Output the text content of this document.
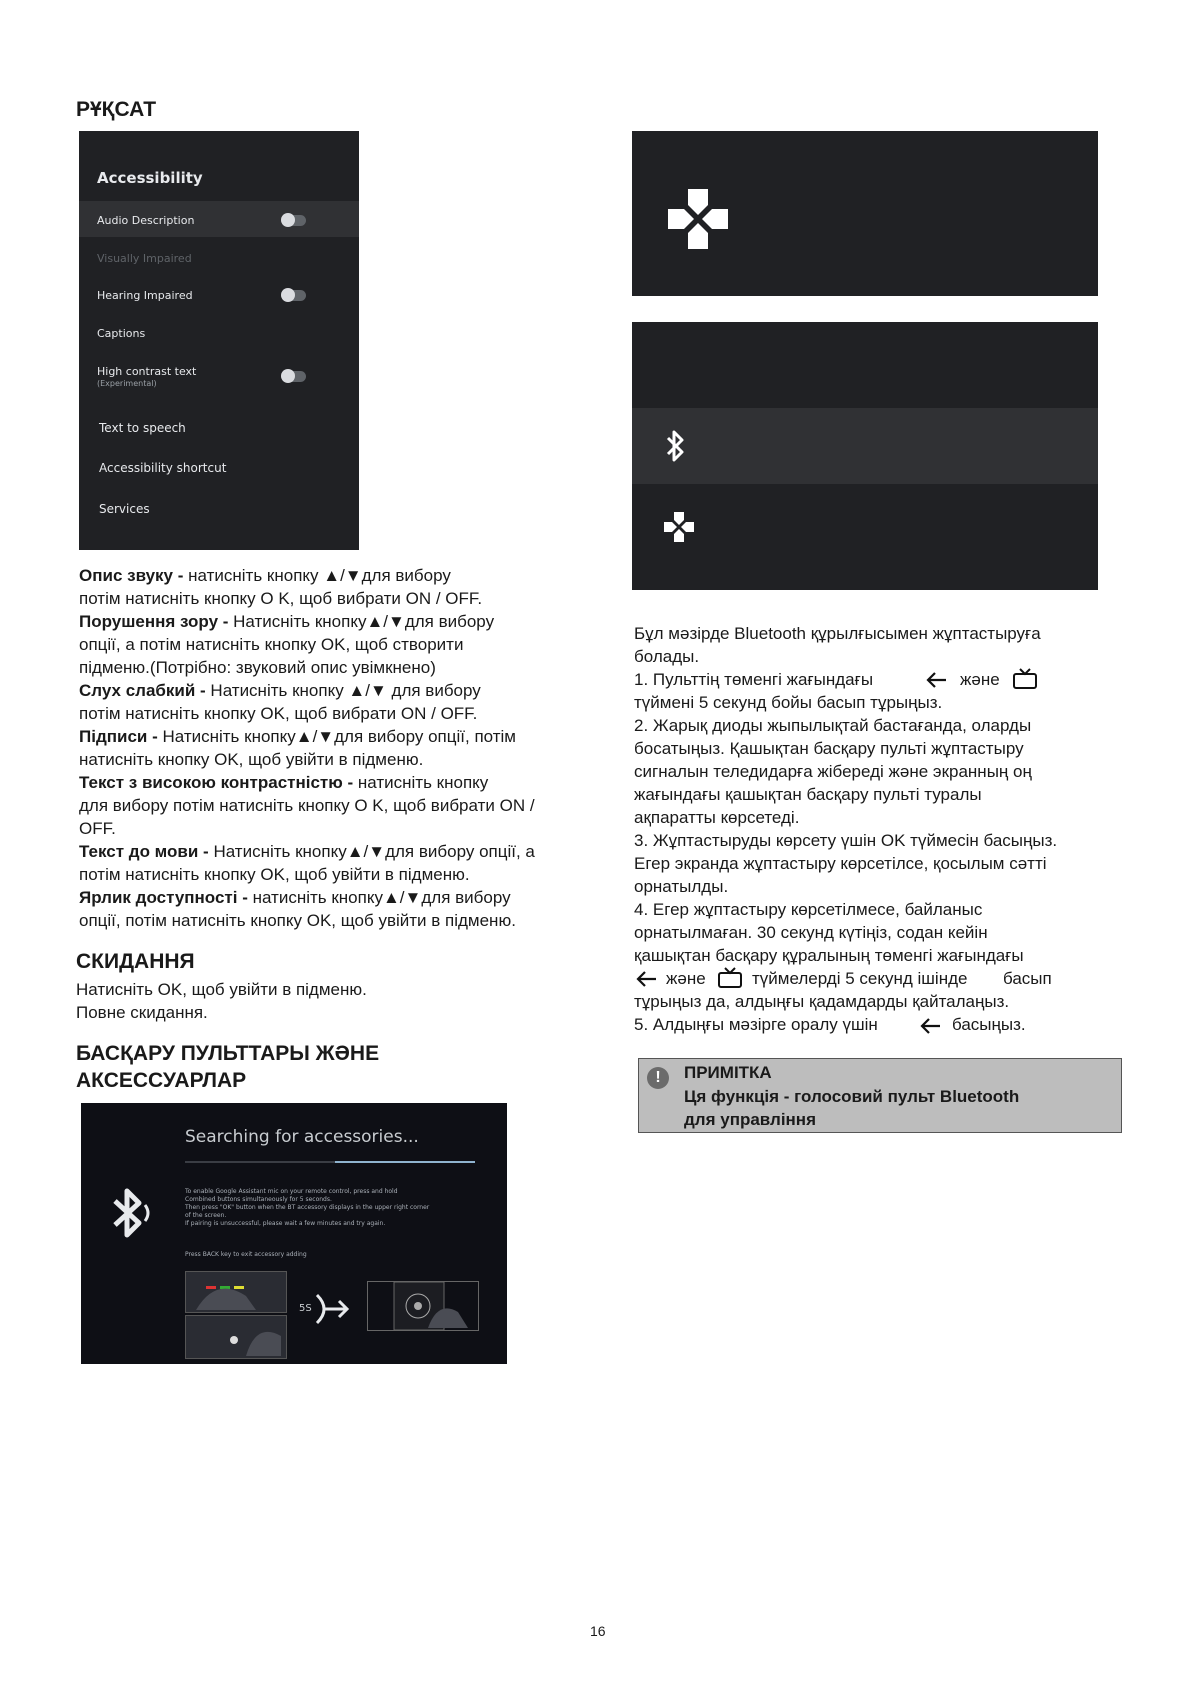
РҰҚСАТ
Accessibility
Audio Description
Visually Impaired
Hearing Impaired
Captions
High contrast text
(Experimental)
Text to speech
Accessibility shortcut
Services
Опис звуку - натисніть кнопку ▲/▼для вибору
потім натисніть кнопку O K, щоб вибрати ON / OFF.
Порушення зору - Натисніть кнопку▲/▼для вибору
опції, а потім натисніть кнопку OK, щоб створити
підменю.(Потрібно: звуковий опис увімкнено)
Слух слабкий - Натисніть кнопку ▲/▼ для вибору
потім натисніть кнопку OK, щоб вибрати ON / OFF.
Підписи - Натисніть кнопку▲/▼для вибору опції, потім
натисніть кнопку OK, щоб увійти в підменю.
Текст з високою контрастністю - натисніть кнопку
для вибору потім натисніть кнопку O K, щоб вибрати ON /
OFF.
Текст до мови - Натисніть кнопку▲/▼для вибору опції, а
потім натисніть кнопку OK, щоб увійти в підменю.
Ярлик доступності - натисніть кнопку▲/▼для вибору
опції, потім натисніть кнопку OK, щоб увійти в підменю.
СКИДАННЯ
Натисніть OK, щоб увійти в підменю.
Повне скидання.
БАСҚАРУ ПУЛЬТТАРЫ ЖӘНЕ
АКСЕССУАРЛАР
Searching for accessories...
To enable Google Assistant mic on your remote control, press and hold
Combined buttons simultaneously for 5 seconds.
Then press "OK" button when the BT accessory displays in the upper right corner
of the screen.
If pairing is unsuccessful, please wait a few minutes and try again.
Press BACK key to exit accessory adding
5S
Бұл мәзірде Bluetooth құрылғысымен жұптастыруға
болады.
1. Пульттің төменгі жағындағы	және
түймені 5 секунд бойы басып тұрыңыз.
2. Жарық диоды жыпылықтай бастағанда, оларды
босатыңыз. Қашықтан басқару пульті жұптастыру
сигналын теледидарға жібереді және экранның оң
жағындағы қашықтан басқару пульті туралы
ақпаратты көрсетеді.
3. Жұптастыруды көрсету үшін OK түймесін басыңыз.
Егер экранда жұптастыру көрсетілсе, қосылым сәтті
орнатылды.
4. Егер жұптастыру көрсетілмесе, байланыс
орнатылмаған. 30 секунд күтіңіз, содан кейін
қашықтан басқару құралының төменгі жағындағы
және	түймелерді 5 секунд ішінде басып
тұрыңыз да, алдыңғы қадамдарды қайталаңыз.
5. Алдыңғы мәзірге оралу үшін	басыңыз.
!	ПРИМІТКА
Ця функція - голосовий пульт Bluetooth
для управління
16
